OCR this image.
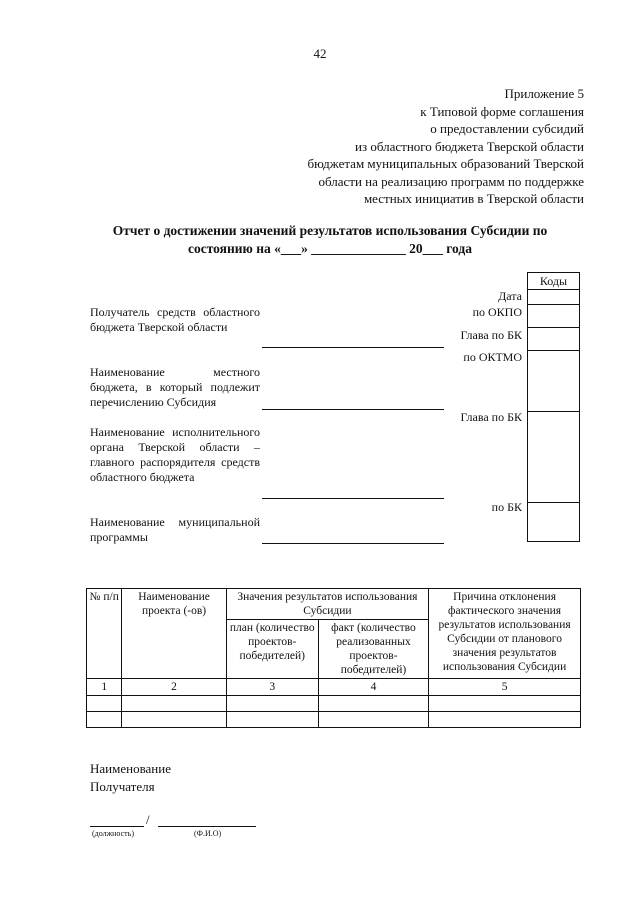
42
Приложение 5
к Типовой форме соглашения
о предоставлении субсидий
из областного бюджета Тверской области
бюджетам муниципальных образований Тверской
области на реализацию программ по поддержке
местных инициатив в Тверской области
Отчет о достижении значений результатов использования Субсидии по
состоянию на «___» ______________ 20___ года
Получатель средств областного бюджета Тверской области
Наименование местного бюджета, в который подлежит перечислению Субсидия
Наименование исполнительного органа Тверской области – главного распорядителя средств областного бюджета
Наименование муниципальной программы
Дата
по ОКПО
Глава по БК
по ОКТМО
Глава по БК
по БК
Коды
№ п/п	Наименование проекта (-ов)	Значения результатов использования Субсидии		Причина отклонения фактического значения результатов использования Субсидии от планового значения результатов использования Субсидии
		план (количество проектов-победителей)	факт (количество реализованных проектов-победителей)	
1	2	3	4	5

Наименование
Получателя
/
(должность)	(Ф.И.О)
